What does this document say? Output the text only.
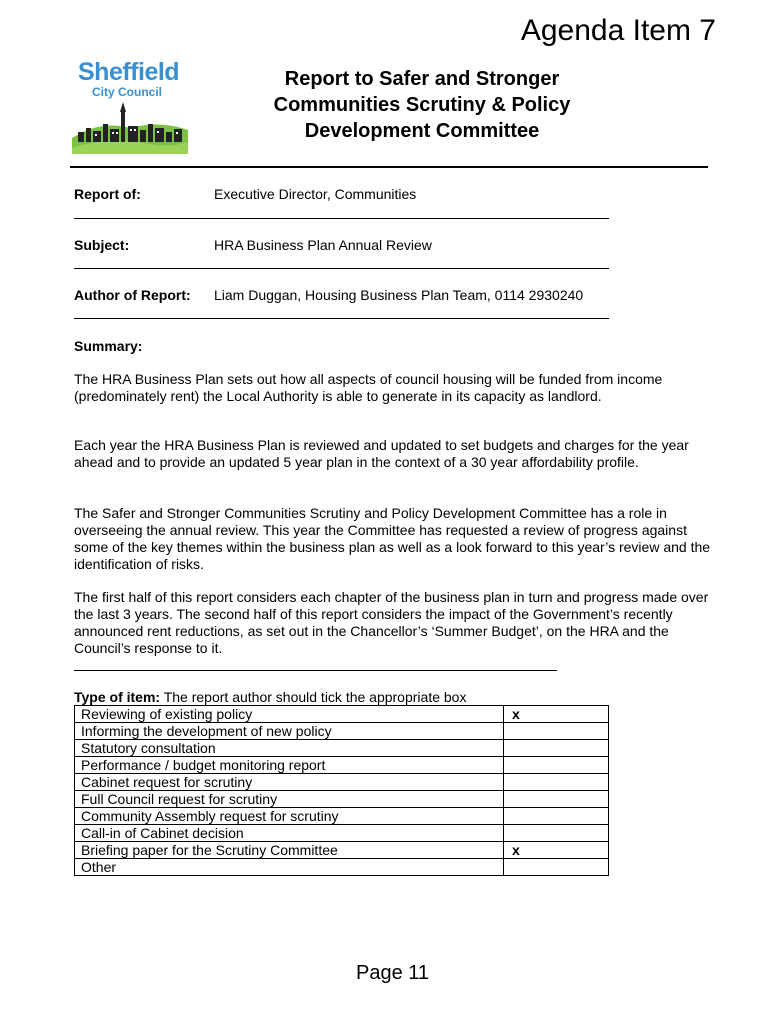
Agenda Item 7
Sheffield
City Council
Report to Safer and Stronger
Communities Scrutiny & Policy
Development Committee
Report of:	Executive Director, Communities
Subject:	HRA Business Plan Annual Review
Author of Report: Liam Duggan, Housing Business Plan Team, 0114 2930240
Summary:
The HRA Business Plan sets out how all aspects of council housing will be funded from income (predominately rent) the Local Authority is able to generate in its capacity as landlord.
Each year the HRA Business Plan is reviewed and updated to set budgets and charges for the year ahead and to provide an updated 5 year plan in the context of a 30 year affordability profile.
The Safer and Stronger Communities Scrutiny and Policy Development Committee has a role in overseeing the annual review. This year the Committee has requested a review of progress against some of the key themes within the business plan as well as a look forward to this year’s review and the identification of risks.
The first half of this report considers each chapter of the business plan in turn and progress made over the last 3 years. The second half of this report considers the impact of the Government’s recently announced rent reductions, as set out in the Chancellor’s ‘Summer Budget’, on the HRA and the Council’s response to it.
Type of item: The report author should tick the appropriate box
Reviewing of existing policy	x
Informing the development of new policy	
Statutory consultation	
Performance / budget monitoring report	
Cabinet request for scrutiny	
Full Council request for scrutiny	
Community Assembly request for scrutiny	
Call-in of Cabinet decision	
Briefing paper for the Scrutiny Committee	x
Other	
Page 11
